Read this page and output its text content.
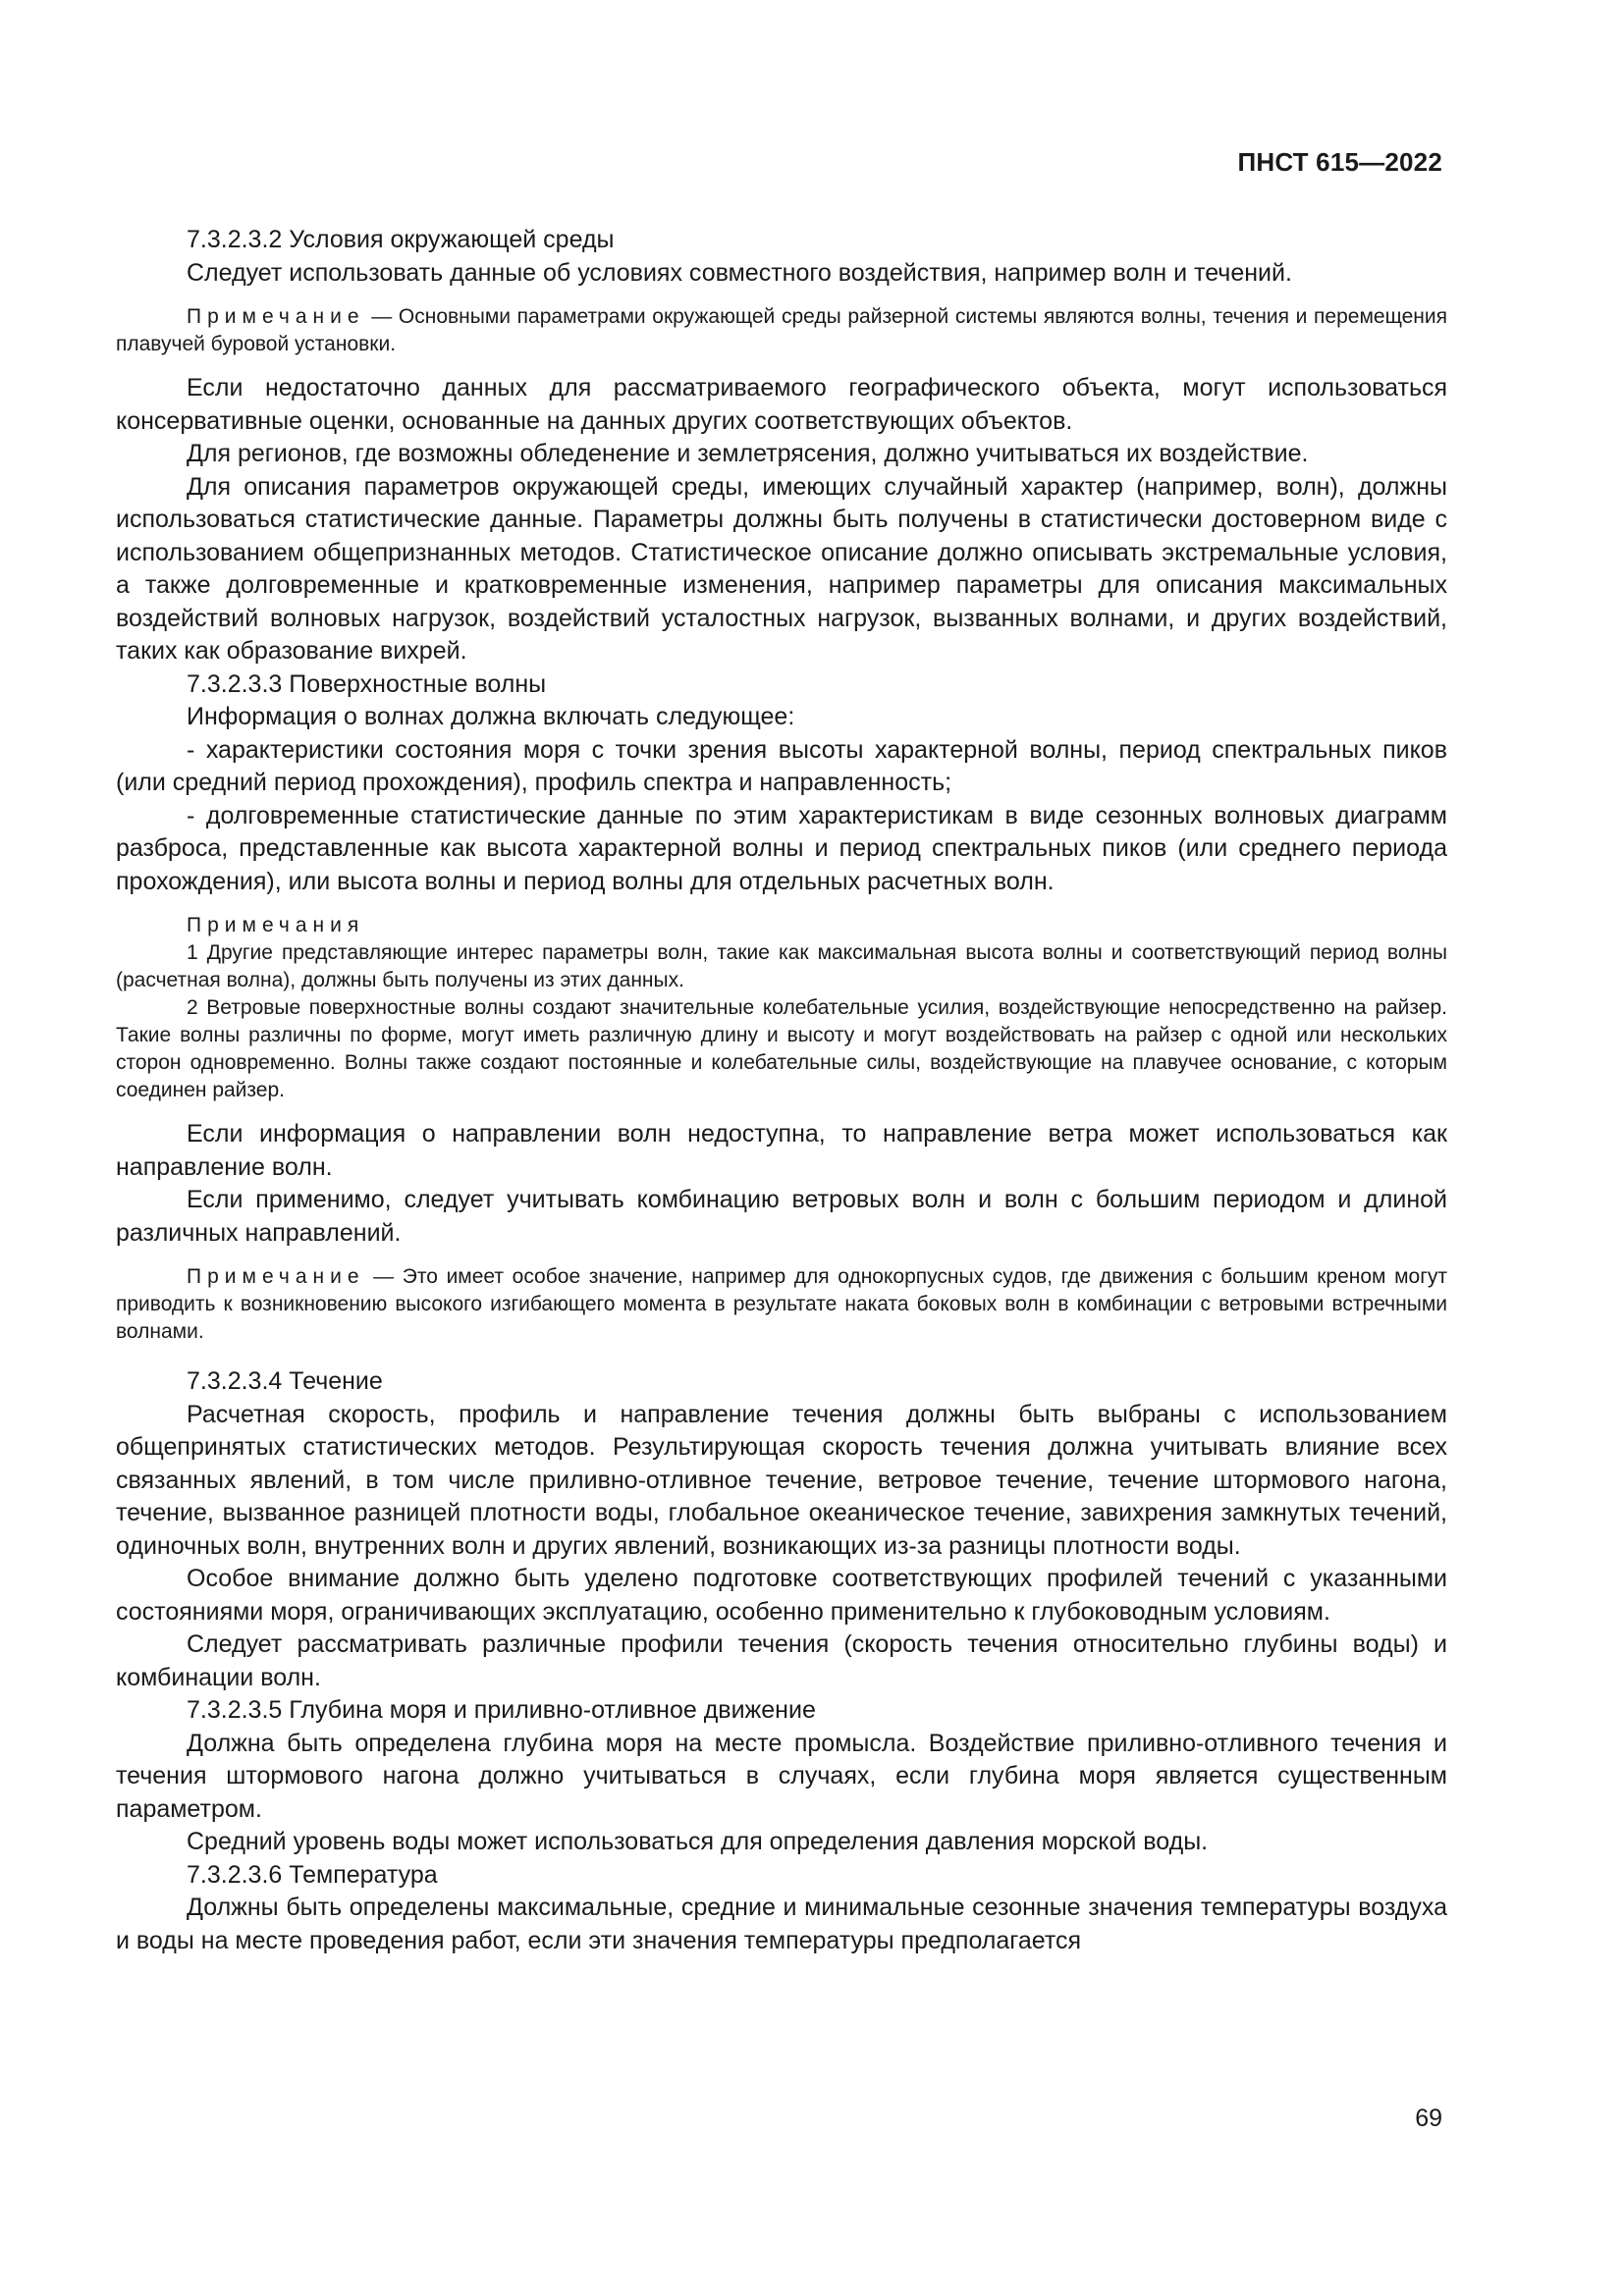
ПНСТ 615—2022

7.3.2.3.2 Условия окружающей среды

Следует использовать данные об условиях совместного воздействия, например волн и течений.

Примечание — Основными параметрами окружающей среды райзерной системы являются волны, течения и перемещения плавучей буровой установки.

Если недостаточно данных для рассматриваемого географического объекта, могут использоваться консервативные оценки, основанные на данных других соответствующих объектов.

Для регионов, где возможны обледенение и землетрясения, должно учитываться их воздействие.

Для описания параметров окружающей среды, имеющих случайный характер (например, волн), должны использоваться статистические данные. Параметры должны быть получены в статистически достоверном виде с использованием общепризнанных методов. Статистическое описание должно описывать экстремальные условия, а также долговременные и кратковременные изменения, например параметры для описания максимальных воздействий волновых нагрузок, воздействий усталостных нагрузок, вызванных волнами, и других воздействий, таких как образование вихрей.

7.3.2.3.3 Поверхностные волны

Информация о волнах должна включать следующее:

- характеристики состояния моря с точки зрения высоты характерной волны, период спектральных пиков (или средний период прохождения), профиль спектра и направленность;

- долговременные статистические данные по этим характеристикам в виде сезонных волновых диаграмм разброса, представленные как высота характерной волны и период спектральных пиков (или среднего периода прохождения), или высота волны и период волны для отдельных расчетных волн.

Примечания

1 Другие представляющие интерес параметры волн, такие как максимальная высота волны и соответствующий период волны (расчетная волна), должны быть получены из этих данных.

2 Ветровые поверхностные волны создают значительные колебательные усилия, воздействующие непосредственно на райзер. Такие волны различны по форме, могут иметь различную длину и высоту и могут воздействовать на райзер с одной или нескольких сторон одновременно. Волны также создают постоянные и колебательные силы, воздействующие на плавучее основание, с которым соединен райзер.

Если информация о направлении волн недоступна, то направление ветра может использоваться как направление волн.

Если применимо, следует учитывать комбинацию ветровых волн и волн с большим периодом и длиной различных направлений.

Примечание — Это имеет особое значение, например для однокорпусных судов, где движения с большим креном могут приводить к возникновению высокого изгибающего момента в результате наката боковых волн в комбинации с ветровыми встречными волнами.

7.3.2.3.4 Течение

Расчетная скорость, профиль и направление течения должны быть выбраны с использованием общепринятых статистических методов. Результирующая скорость течения должна учитывать влияние всех связанных явлений, в том числе приливно-отливное течение, ветровое течение, течение штормового нагона, течение, вызванное разницей плотности воды, глобальное океаническое течение, завихрения замкнутых течений, одиночных волн, внутренних волн и других явлений, возникающих из-за разницы плотности воды.

Особое внимание должно быть уделено подготовке соответствующих профилей течений с указанными состояниями моря, ограничивающих эксплуатацию, особенно применительно к глубоководным условиям.

Следует рассматривать различные профили течения (скорость течения относительно глубины воды) и комбинации волн.

7.3.2.3.5 Глубина моря и приливно-отливное движение

Должна быть определена глубина моря на месте промысла. Воздействие приливно-отливного течения и течения штормового нагона должно учитываться в случаях, если глубина моря является существенным параметром.

Средний уровень воды может использоваться для определения давления морской воды.

7.3.2.3.6 Температура

Должны быть определены максимальные, средние и минимальные сезонные значения температуры воздуха и воды на месте проведения работ, если эти значения температуры предполагается

69
